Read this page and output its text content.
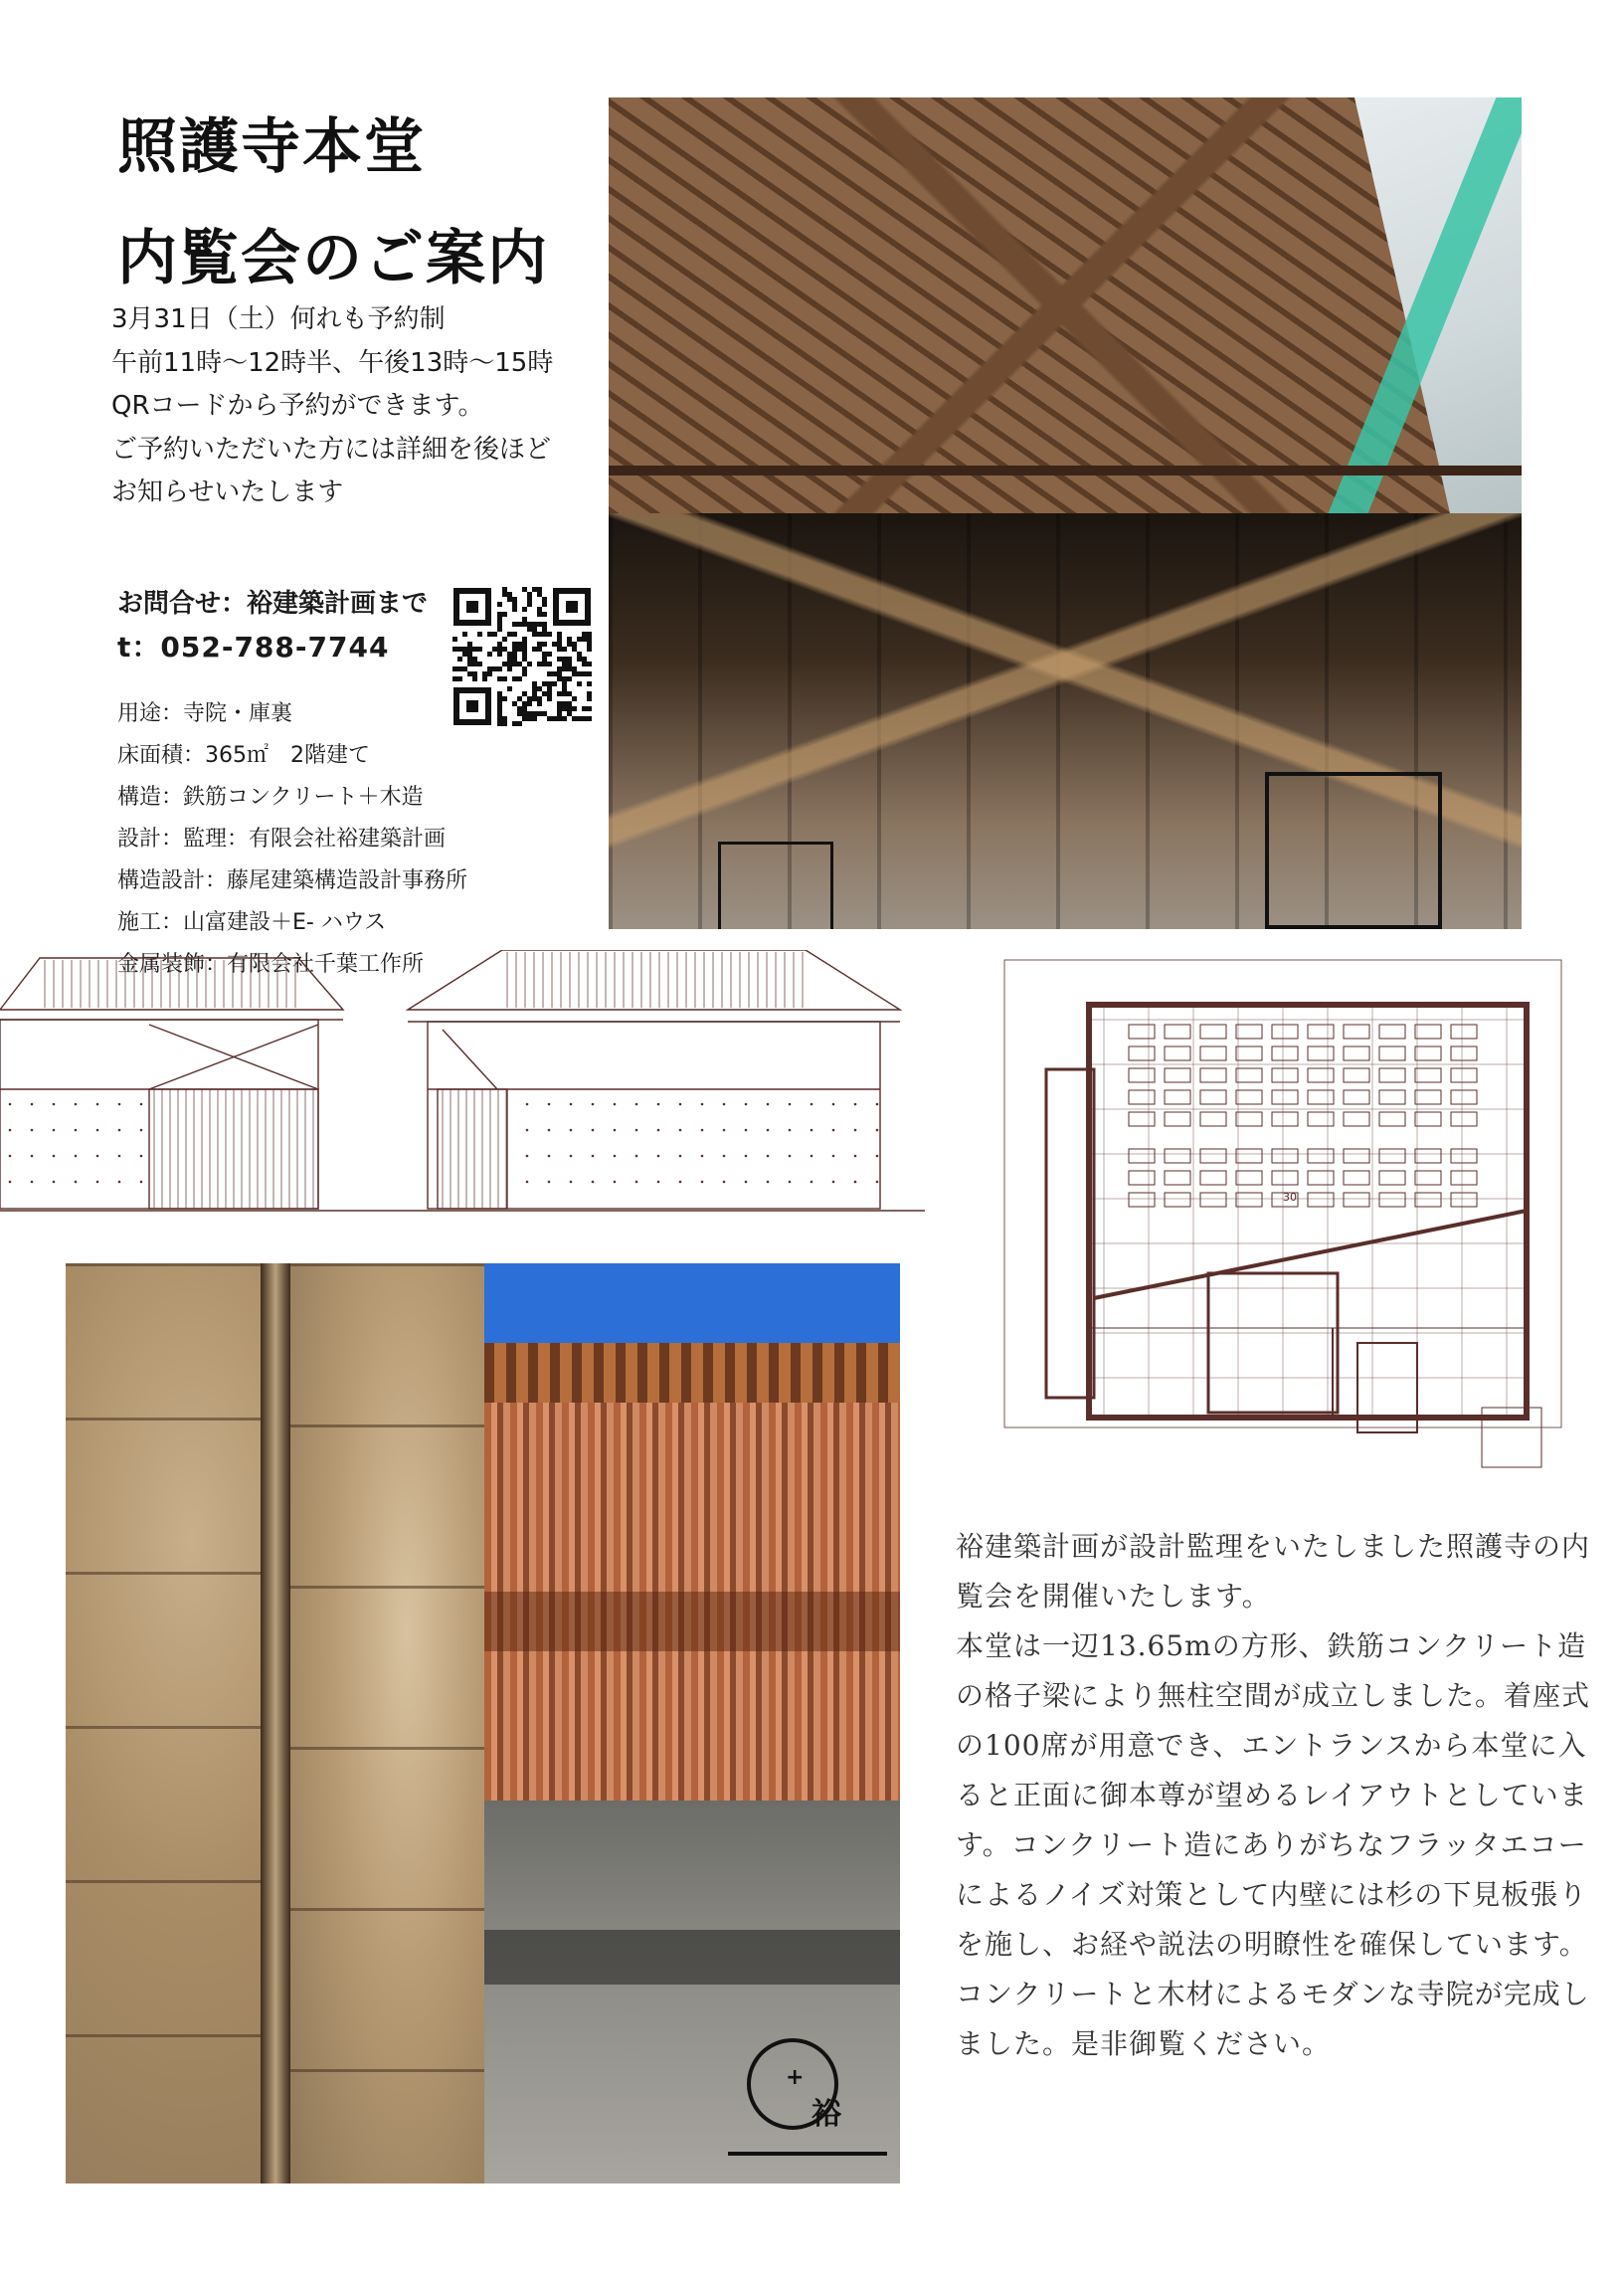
照護寺本堂
内覧会のご案内
3月31日（土）何れも予約制
午前11時〜12時半、午後13時〜15時
QRコードから予約ができます。
ご予約いただいた方には詳細を後ほど
お知らせいたします
お問合せ：裕建築計画まで
t：052-788-7744
用途：寺院・庫裏
床面積：365㎡　2階建て
構造：鉄筋コンクリート＋木造
設計：監理：有限会社裕建築計画
構造設計：藤尾建築構造設計事務所
施工：山富建設＋E- ハウス
金属装飾：有限会社千葉工作所
30
+
裕

裕建築計画が設計監理をいたしました照護寺の内覧会を開催いたします。

本堂は一辺13.65mの方形、鉄筋コンクリート造の格子梁により無柱空間が成立しました。着座式の100席が用意でき、エントランスから本堂に入ると正面に御本尊が望めるレイアウトとしています。コンクリート造にありがちなフラッタエコーによるノイズ対策として内壁には杉の下見板張りを施し、お経や説法の明瞭性を確保しています。

コンクリートと木材によるモダンな寺院が完成しました。是非御覧ください。
